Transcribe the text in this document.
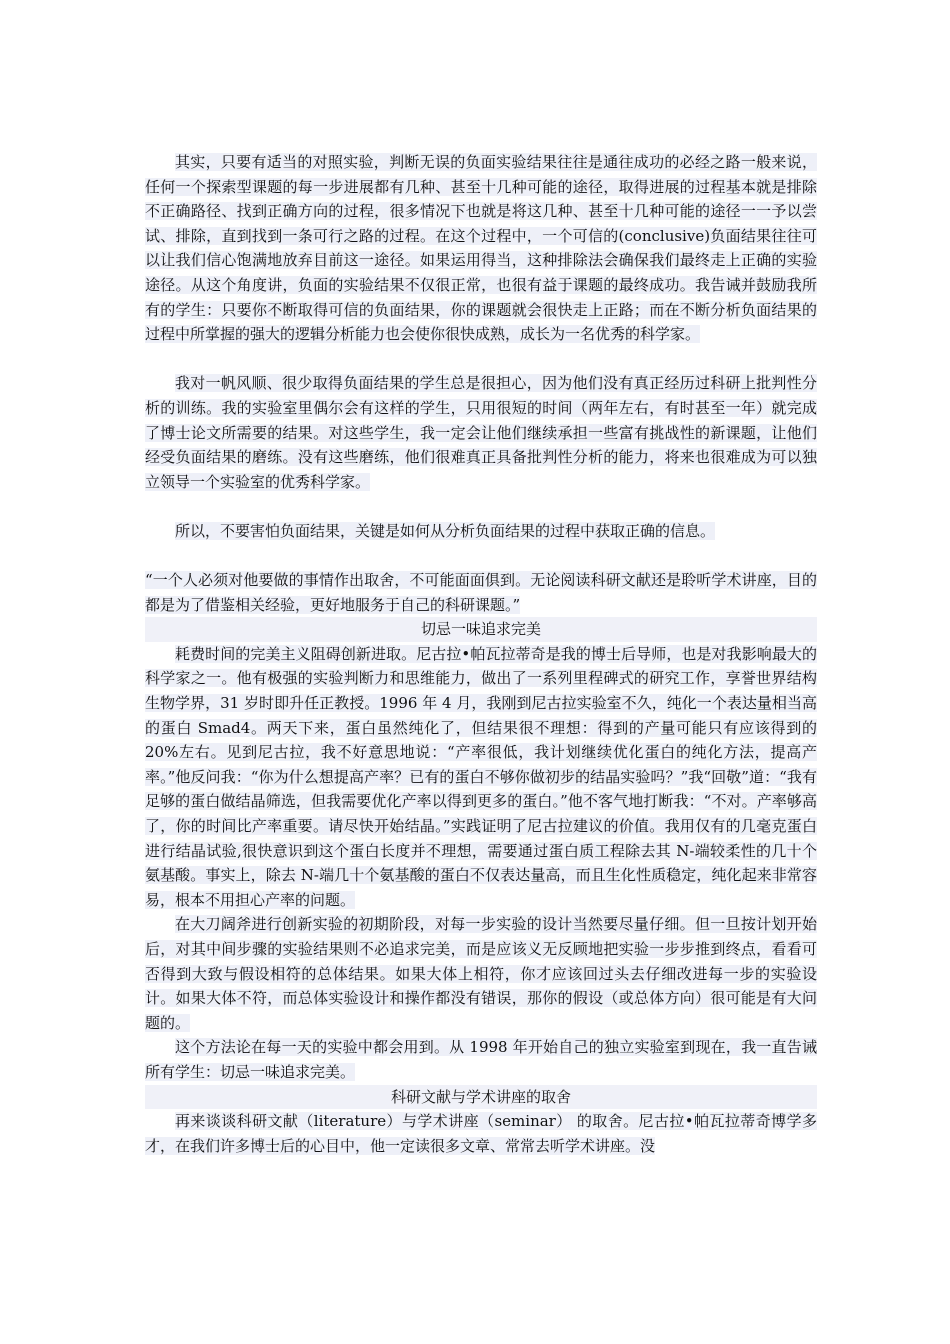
其实，只要有适当的对照实验，判断无误的负面实验结果往往是通往成功的必经之路一般来说，任何一个探索型课题的每一步进展都有几种、甚至十几种可能的途径，取得进展的过程基本就是排除不正确路径、找到正确方向的过程，很多情况下也就是将这几种、甚至十几种可能的途径一一予以尝试、排除，直到找到一条可行之路的过程。在这个过程中，一个可信的(conclusive)负面结果往往可以让我们信心饱满地放弃目前这一途径。如果运用得当，这种排除法会确保我们最终走上正确的实验途径。从这个角度讲，负面的实验结果不仅很正常，也很有益于课题的最终成功。我告诫并鼓励我所有的学生：只要你不断取得可信的负面结果，你的课题就会很快走上正路；而在不断分析负面结果的过程中所掌握的强大的逻辑分析能力也会使你很快成熟，成长为一名优秀的科学家。

我对一帆风顺、很少取得负面结果的学生总是很担心，因为他们没有真正经历过科研上批判性分析的训练。我的实验室里偶尔会有这样的学生，只用很短的时间（两年左右，有时甚至一年）就完成了博士论文所需要的结果。对这些学生，我一定会让他们继续承担一些富有挑战性的新课题，让他们经受负面结果的磨练。没有这些磨练，他们很难真正具备批判性分析的能力，将来也很难成为可以独立领导一个实验室的优秀科学家。

所以，不要害怕负面结果，关键是如何从分析负面结果的过程中获取正确的信息。

“一个人必须对他要做的事情作出取舍，不可能面面俱到。无论阅读科研文献还是聆听学术讲座，目的都是为了借鉴相关经验，更好地服务于自己的科研课题。”

切忌一味追求完美

耗费时间的完美主义阻碍创新进取。尼古拉•帕瓦拉蒂奇是我的博士后导师，也是对我影响最大的科学家之一。他有极强的实验判断力和思维能力，做出了一系列里程碑式的研究工作，享誉世界结构生物学界，31 岁时即升任正教授。1996 年 4 月，我刚到尼古拉实验室不久，纯化一个表达量相当高的蛋白 Smad4。两天下来，蛋白虽然纯化了，但结果很不理想：得到的产量可能只有应该得到的 20%左右。见到尼古拉，我不好意思地说：“产率很低，我计划继续优化蛋白的纯化方法，提高产率。”他反问我：“你为什么想提高产率？已有的蛋白不够你做初步的结晶实验吗？”我“回敬”道：“我有足够的蛋白做结晶筛选，但我需要优化产率以得到更多的蛋白。”他不客气地打断我：“不对。产率够高了，你的时间比产率重要。请尽快开始结晶。”实践证明了尼古拉建议的价值。我用仅有的几毫克蛋白进行结晶试验,很快意识到这个蛋白长度并不理想，需要通过蛋白质工程除去其 N-端较柔性的几十个氨基酸。事实上，除去 N-端几十个氨基酸的蛋白不仅表达量高，而且生化性质稳定，纯化起来非常容易，根本不用担心产率的问题。

在大刀阔斧进行创新实验的初期阶段，对每一步实验的设计当然要尽量仔细。但一旦按计划开始后，对其中间步骤的实验结果则不必追求完美，而是应该义无反顾地把实验一步步推到终点，看看可否得到大致与假设相符的总体结果。如果大体上相符，你才应该回过头去仔细改进每一步的实验设计。如果大体不符，而总体实验设计和操作都没有错误，那你的假设（或总体方向）很可能是有大问题的。

这个方法论在每一天的实验中都会用到。从 1998 年开始自己的独立实验室到现在，我一直告诫所有学生：切忌一味追求完美。

科研文献与学术讲座的取舍

再来谈谈科研文献（literature）与学术讲座（seminar） 的取舍。尼古拉•帕瓦拉蒂奇博学多才，在我们许多博士后的心目中，他一定读很多文章、常常去听学术讲座。没
